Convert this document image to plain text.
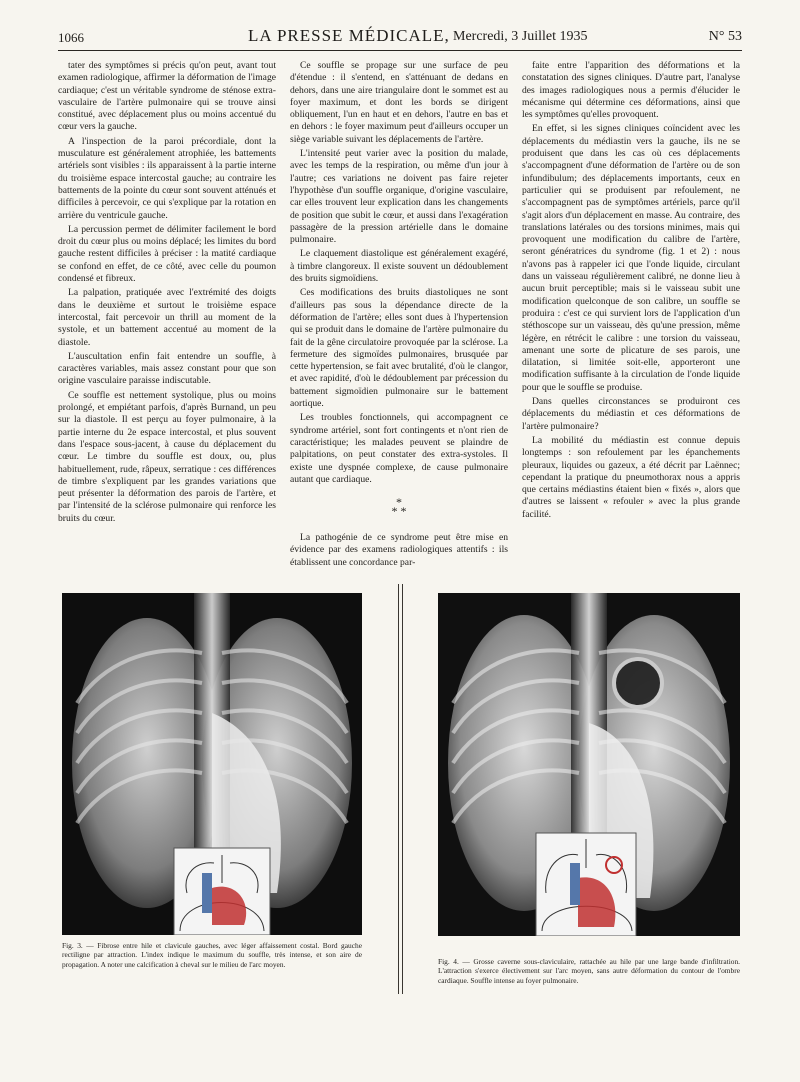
1066	LA PRESSE MÉDICALE, Mercredi, 3 Juillet 1935	N° 53

tater des symptômes si précis qu'on peut, avant tout examen radiologique, affirmer la déformation de l'image cardiaque; c'est un véritable syndrome de sténose extra-vasculaire de l'artère pulmonaire qui se trouve ainsi constitué, avec déplacement plus ou moins accentué du cœur vers la gauche.

A l'inspection de la paroi précordiale, dont la musculature est généralement atrophiée, les battements artériels sont visibles : ils apparaissent à la partie interne du troisième espace intercostal gauche; au contraire les battements de la pointe du cœur sont souvent atténués et difficiles à percevoir, ce qui s'explique par la rotation en arrière du ventricule gauche.

La percussion permet de délimiter facilement le bord droit du cœur plus ou moins déplacé; les limites du bord gauche restent difficiles à préciser : la matité cardiaque se confond en effet, de ce côté, avec celle du poumon condensé et fibreux.

La palpation, pratiquée avec l'extrémité des doigts dans le deuxième et surtout le troisième espace intercostal, fait percevoir un thrill au moment de la systole, et un battement accentué au moment de la diastole.

L'auscultation enfin fait entendre un souffle, à caractères variables, mais assez constant pour que son origine vasculaire paraisse indiscutable.

Ce souffle est nettement systolique, plus ou moins prolongé, et empiétant parfois, d'après Burnand, un peu sur la diastole. Il est perçu au foyer pulmonaire, à la partie interne du 2e espace intercostal, et plus souvent dans l'espace sous-jacent, à cause du déplacement du cœur. Le timbre du souffle est doux, ou, plus habituellement, rude, râpeux, serratique : ces différences de timbre s'expliquent par les grandes variations que peut présenter la déformation des parois de l'artère, et par l'intensité de la sclérose pulmonaire qui renforce les bruits du cœur.

Ce souffle se propage sur une surface de peu d'étendue : il s'entend, en s'atténuant de dedans en dehors, dans une aire triangulaire dont le sommet est au foyer maximum, et dont les bords se dirigent obliquement, l'un en haut et en dehors, l'autre en bas et en dehors : le foyer maximum peut d'ailleurs occuper un siège variable suivant les déplacements de l'artère.

L'intensité peut varier avec la position du malade, avec les temps de la respiration, ou même d'un jour à l'autre; ces variations ne doivent pas faire rejeter l'hypothèse d'un souffle organique, d'origine vasculaire, car elles trouvent leur explication dans les changements de position que subit le cœur, et aussi dans l'exagération passagère de la pression artérielle dans le domaine pulmonaire.

Le claquement diastolique est généralement exagéré, à timbre clangoreux. Il existe souvent un dédoublement des bruits sigmoïdiens.

Ces modifications des bruits diastoliques ne sont d'ailleurs pas sous la dépendance directe de la déformation de l'artère; elles sont dues à l'hypertension qui se produit dans le domaine de l'artère pulmonaire du fait de la gêne circulatoire provoquée par la sclérose. La fermeture des sigmoïdes pulmonaires, brusquée par cette hypertension, se fait avec brutalité, d'où le clangor, et avec rapidité, d'où le dédoublement par précession du battement sigmoïdien pulmonaire sur le battement aortique.

Les troubles fonctionnels, qui accompagnent ce syndrome artériel, sont fort contingents et n'ont rien de caractéristique; les malades peuvent se plaindre de palpitations, on peut constater des extra-systoles. Il existe une dyspnée complexe, de cause pulmonaire autant que cardiaque.

*
* *

La pathogénie de ce syndrome peut être mise en évidence par des examens radiologiques attentifs : ils établissent une concordance par-

faite entre l'apparition des déformations et la constatation des signes cliniques. D'autre part, l'analyse des images radiologiques nous a permis d'élucider le mécanisme qui détermine ces déformations, ainsi que les symptômes qu'elles provoquent.

En effet, si les signes cliniques coïncident avec les déplacements du médiastin vers la gauche, ils ne se produisent que dans les cas où ces déplacements s'accompagnent d'une déformation de l'artère ou de son infundibulum; des déplacements importants, ceux en particulier qui se produisent par refoulement, ne s'accompagnent pas de symptômes artériels, parce qu'il s'agit alors d'un déplacement en masse. Au contraire, des translations latérales ou des torsions minimes, mais qui provoquent une modification du calibre de l'artère, seront génératrices du syndrome (fig. 1 et 2) : nous n'avons pas à rappeler ici que l'onde liquide, circulant dans un vaisseau régulièrement calibré, ne donne lieu à aucun bruit perceptible; mais si le vaisseau subit une modification quelconque de son calibre, un souffle se produira : c'est ce qui survient lors de l'application d'un stéthoscope sur un vaisseau, dès qu'une pression, même légère, en rétrécit le calibre : une torsion du vaisseau, amenant une sorte de plicature de ses parois, une dilatation, si limitée soit-elle, apporteront une modification suffisante à la circulation de l'onde liquide pour que le souffle se produise.

Dans quelles circonstances se produiront ces déplacements du médiastin et ces déformations de l'artère pulmonaire?

La mobilité du médiastin est connue depuis longtemps : son refoulement par les épanchements pleuraux, liquides ou gazeux, a été décrit par Laënnec; cependant la pratique du pneumothorax nous a appris que certains médiastins étaient bien « fixés », alors que d'autres se laissent « refouler » avec la plus grande facilité.

Fig. 3. — Fibrose entre hile et clavicule gauches, avec léger affaissement costal. Bord gauche rectiligne par attraction. L'index indique le maximum du souffle, très intense, et son aire de propagation. A noter une calcification à cheval sur le milieu de l'arc moyen.	Fig. 4. — Grosse caverne sous-claviculaire, rattachée au hile par une large bande d'infiltration. L'attraction s'exerce électivement sur l'arc moyen, sans autre déformation du contour de l'ombre cardiaque. Souffle intense au foyer pulmonaire.
